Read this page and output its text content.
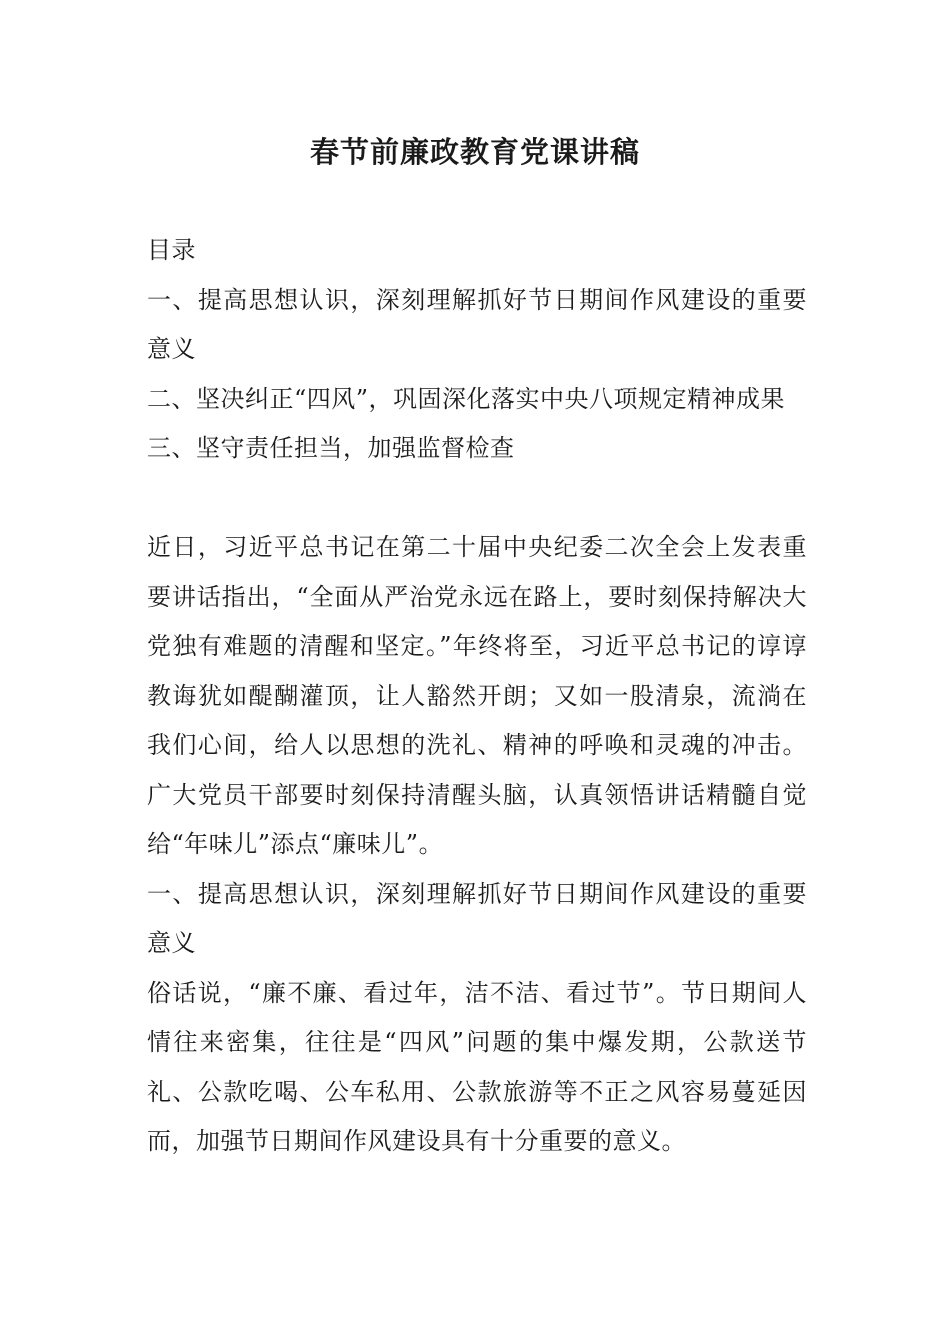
春节前廉政教育党课讲稿

目录

一、提高思想认识，深刻理解抓好节日期间作风建设的重要意义

二、坚决纠正“四风”，巩固深化落实中央八项规定精神成果

三、坚守责任担当，加强监督检查

近日，习近平总书记在第二十届中央纪委二次全会上发表重要讲话指出，“全面从严治党永远在路上，要时刻保持解决大党独有难题的清醒和坚定。”年终将至，习近平总书记的谆谆教诲犹如醍醐灌顶，让人豁然开朗；又如一股清泉，流淌在我们心间，给人以思想的洗礼、精神的呼唤和灵魂的冲击。广大党员干部要时刻保持清醒头脑，认真领悟讲话精髓自觉给“年味儿”添点“廉味儿”。

一、提高思想认识，深刻理解抓好节日期间作风建设的重要意义

俗话说，“廉不廉、看过年，洁不洁、看过节”。节日期间人情往来密集，往往是“四风”问题的集中爆发期，公款送节礼、公款吃喝、公车私用、公款旅游等不正之风容易蔓延因而，加强节日期间作风建设具有十分重要的意义。
